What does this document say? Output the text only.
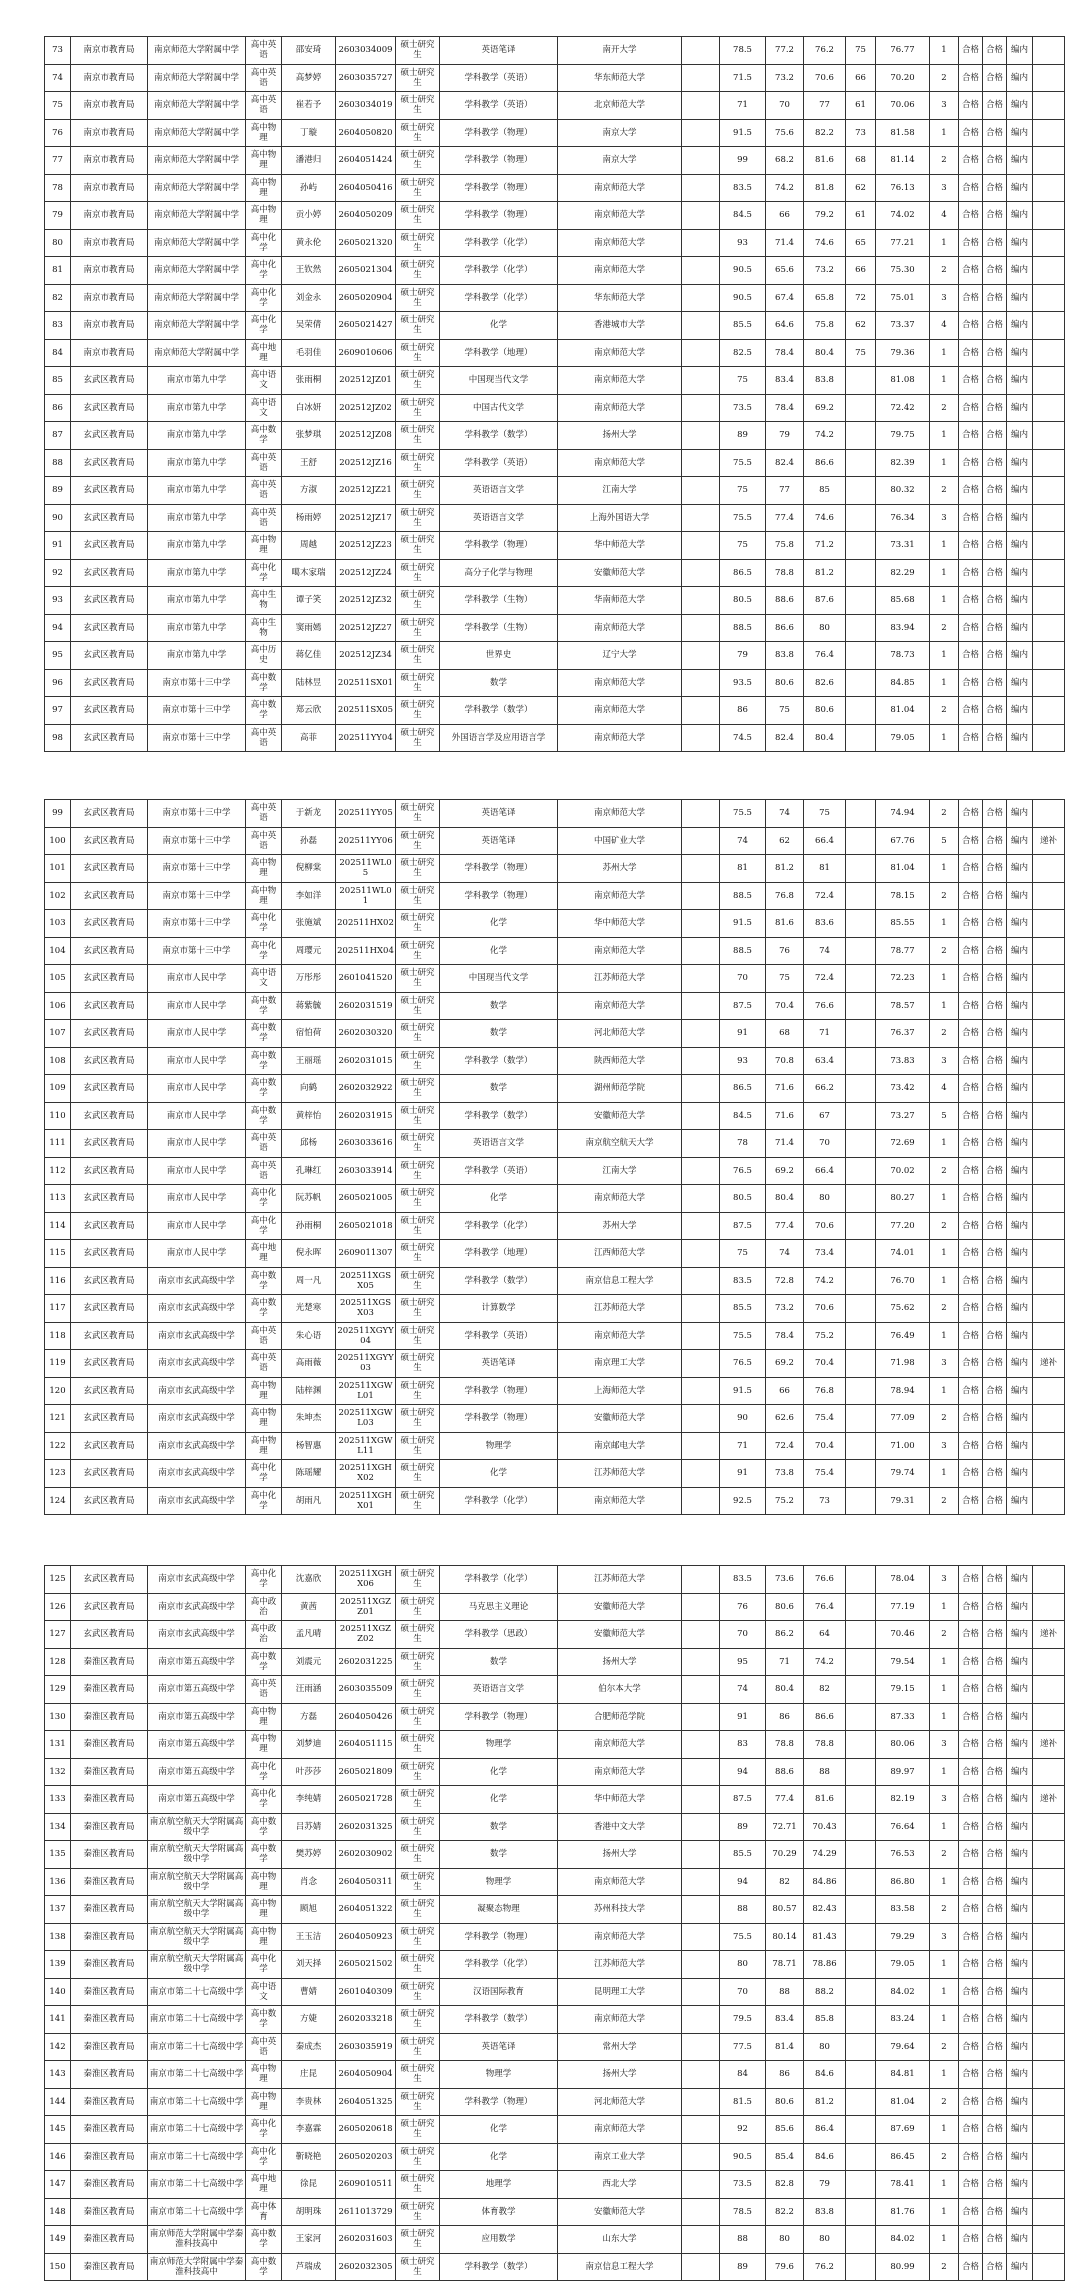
73	南京市教育局	南京师范大学附属中学	高中英语	邵安琦	2603034009	硕士研究生	英语笔译	南开大学		78.5	77.2	76.2	75	76.77	1	合格	合格	编内	
74	南京市教育局	南京师范大学附属中学	高中英语	高梦婷	2603035727	硕士研究生	学科教学（英语）	华东师范大学		71.5	73.2	70.6	66	70.20	2	合格	合格	编内	
75	南京市教育局	南京师范大学附属中学	高中英语	崔若予	2603034019	硕士研究生	学科教学（英语）	北京师范大学		71	70	77	61	70.06	3	合格	合格	编内	
76	南京市教育局	南京师范大学附属中学	高中物理	丁璇	2604050820	硕士研究生	学科教学（物理）	南京大学		91.5	75.6	82.2	73	81.58	1	合格	合格	编内	
77	南京市教育局	南京师范大学附属中学	高中物理	潘港归	2604051424	硕士研究生	学科教学（物理）	南京大学		99	68.2	81.6	68	81.14	2	合格	合格	编内	
78	南京市教育局	南京师范大学附属中学	高中物理	孙屿	2604050416	硕士研究生	学科教学（物理）	南京师范大学		83.5	74.2	81.8	62	76.13	3	合格	合格	编内	
79	南京市教育局	南京师范大学附属中学	高中物理	贡小婷	2604050209	硕士研究生	学科教学（物理）	南京师范大学		84.5	66	79.2	61	74.02	4	合格	合格	编内	
80	南京市教育局	南京师范大学附属中学	高中化学	黄永伦	2605021320	硕士研究生	学科教学（化学）	南京师范大学		93	71.4	74.6	65	77.21	1	合格	合格	编内	
81	南京市教育局	南京师范大学附属中学	高中化学	王钦然	2605021304	硕士研究生	学科教学（化学）	南京师范大学		90.5	65.6	73.2	66	75.30	2	合格	合格	编内	
82	南京市教育局	南京师范大学附属中学	高中化学	刘金永	2605020904	硕士研究生	学科教学（化学）	华东师范大学		90.5	67.4	65.8	72	75.01	3	合格	合格	编内	
83	南京市教育局	南京师范大学附属中学	高中化学	吴荣倩	2605021427	硕士研究生	化学	香港城市大学		85.5	64.6	75.8	62	73.37	4	合格	合格	编内	
84	南京市教育局	南京师范大学附属中学	高中地理	毛羽佳	2609010606	硕士研究生	学科教学（地理）	南京师范大学		82.5	78.4	80.4	75	79.36	1	合格	合格	编内	
85	玄武区教育局	南京市第九中学	高中语文	张雨桐	202512JZ01	硕士研究生	中国现当代文学	南京师范大学		75	83.4	83.8		81.08	1	合格	合格	编内	
86	玄武区教育局	南京市第九中学	高中语文	白冰妍	202512JZ02	硕士研究生	中国古代文学	南京师范大学		73.5	78.4	69.2		72.42	2	合格	合格	编内	
87	玄武区教育局	南京市第九中学	高中数学	张梦琪	202512JZ08	硕士研究生	学科教学（数学）	扬州大学		89	79	74.2		79.75	1	合格	合格	编内	
88	玄武区教育局	南京市第九中学	高中英语	王舒	202512JZ16	硕士研究生	学科教学（英语）	南京师范大学		75.5	82.4	86.6		82.39	1	合格	合格	编内	
89	玄武区教育局	南京市第九中学	高中英语	方淑	202512JZ21	硕士研究生	英语语言文学	江南大学		75	77	85		80.32	2	合格	合格	编内	
90	玄武区教育局	南京市第九中学	高中英语	杨雨婷	202512JZ17	硕士研究生	英语语言文学	上海外国语大学		75.5	77.4	74.6		76.34	3	合格	合格	编内	
91	玄武区教育局	南京市第九中学	高中物理	周越	202512JZ23	硕士研究生	学科教学（物理）	华中师范大学		75	75.8	71.2		73.31	1	合格	合格	编内	
92	玄武区教育局	南京市第九中学	高中化学	噶木家瑞	202512JZ24	硕士研究生	高分子化学与物理	安徽师范大学		86.5	78.8	81.2		82.29	1	合格	合格	编内	
93	玄武区教育局	南京市第九中学	高中生物	谭子笑	202512JZ32	硕士研究生	学科教学（生物）	华南师范大学		80.5	88.6	87.6		85.68	1	合格	合格	编内	
94	玄武区教育局	南京市第九中学	高中生物	窦雨嫣	202512JZ27	硕士研究生	学科教学（生物）	南京师范大学		88.5	86.6	80		83.94	2	合格	合格	编内	
95	玄武区教育局	南京市第九中学	高中历史	蒋亿佳	202512JZ34	硕士研究生	世界史	辽宁大学		79	83.8	76.4		78.73	1	合格	合格	编内	
96	玄武区教育局	南京市第十三中学	高中数学	陆林昱	202511SX01	硕士研究生	数学	南京师范大学		93.5	80.6	82.6		84.85	1	合格	合格	编内	
97	玄武区教育局	南京市第十三中学	高中数学	郑云欣	202511SX05	硕士研究生	学科教学（数学）	南京师范大学		86	75	80.6		81.04	2	合格	合格	编内	
98	玄武区教育局	南京市第十三中学	高中英语	高菲	202511YY04	硕士研究生	外国语言学及应用语言学	南京师范大学		74.5	82.4	80.4		79.05	1	合格	合格	编内	
99	玄武区教育局	南京市第十三中学	高中英语	于新龙	202511YY05	硕士研究生	英语笔译	南京师范大学		75.5	74	75		74.94	2	合格	合格	编内	
100	玄武区教育局	南京市第十三中学	高中英语	孙磊	202511YY06	硕士研究生	英语笔译	中国矿业大学		74	62	66.4		67.76	5	合格	合格	编内	递补
101	玄武区教育局	南京市第十三中学	高中物理	倪柳棠	202511WL05	硕士研究生	学科教学（物理）	苏州大学		81	81.2	81		81.04	1	合格	合格	编内	
102	玄武区教育局	南京市第十三中学	高中物理	李如洋	202511WL01	硕士研究生	学科教学（物理）	南京师范大学		88.5	76.8	72.4		78.15	2	合格	合格	编内	
103	玄武区教育局	南京市第十三中学	高中化学	张施斌	202511HX02	硕士研究生	化学	华中师范大学		91.5	81.6	83.6		85.55	1	合格	合格	编内	
104	玄武区教育局	南京市第十三中学	高中化学	周璎元	202511HX04	硕士研究生	化学	南京师范大学		88.5	76	74		78.77	2	合格	合格	编内	
105	玄武区教育局	南京市人民中学	高中语文	万彤彤	2601041520	硕士研究生	中国现当代文学	江苏师范大学		70	75	72.4		72.23	1	合格	合格	编内	
106	玄武区教育局	南京市人民中学	高中数学	蒋紫毓	2602031519	硕士研究生	数学	南京师范大学		87.5	70.4	76.6		78.57	1	合格	合格	编内	
107	玄武区教育局	南京市人民中学	高中数学	宿怕荷	2602030320	硕士研究生	数学	河北师范大学		91	68	71		76.37	2	合格	合格	编内	
108	玄武区教育局	南京市人民中学	高中数学	王丽瑶	2602031015	硕士研究生	学科教学（数学）	陕西师范大学		93	70.8	63.4		73.83	3	合格	合格	编内	
109	玄武区教育局	南京市人民中学	高中数学	向鹤	2602032922	硕士研究生	数学	湖州师范学院		86.5	71.6	66.2		73.42	4	合格	合格	编内	
110	玄武区教育局	南京市人民中学	高中数学	黄梓怡	2602031915	硕士研究生	学科教学（数学）	安徽师范大学		84.5	71.6	67		73.27	5	合格	合格	编内	
111	玄武区教育局	南京市人民中学	高中英语	邱杨	2603033616	硕士研究生	英语语言文学	南京航空航天大学		78	71.4	70		72.69	1	合格	合格	编内	
112	玄武区教育局	南京市人民中学	高中英语	孔琳红	2603033914	硕士研究生	学科教学（英语）	江南大学		76.5	69.2	66.4		70.02	2	合格	合格	编内	
113	玄武区教育局	南京市人民中学	高中化学	阮苏帆	2605021005	硕士研究生	化学	南京师范大学		80.5	80.4	80		80.27	1	合格	合格	编内	
114	玄武区教育局	南京市人民中学	高中化学	孙雨桐	2605021018	硕士研究生	学科教学（化学）	苏州大学		87.5	77.4	70.6		77.20	2	合格	合格	编内	
115	玄武区教育局	南京市人民中学	高中地理	倪永晖	2609011307	硕士研究生	学科教学（地理）	江西师范大学		75	74	73.4		74.01	1	合格	合格	编内	
116	玄武区教育局	南京市玄武高级中学	高中数学	周一凡	202511XGSX05	硕士研究生	学科教学（数学）	南京信息工程大学		83.5	72.8	74.2		76.70	1	合格	合格	编内	
117	玄武区教育局	南京市玄武高级中学	高中数学	光楚寒	202511XGSX03	硕士研究生	计算数学	江苏师范大学		85.5	73.2	70.6		75.62	2	合格	合格	编内	
118	玄武区教育局	南京市玄武高级中学	高中英语	朱心语	202511XGYY04	硕士研究生	学科教学（英语）	南京师范大学		75.5	78.4	75.2		76.49	1	合格	合格	编内	
119	玄武区教育局	南京市玄武高级中学	高中英语	高雨薇	202511XGYY03	硕士研究生	英语笔译	南京理工大学		76.5	69.2	70.4		71.98	3	合格	合格	编内	递补
120	玄武区教育局	南京市玄武高级中学	高中物理	陆梓渊	202511XGWL01	硕士研究生	学科教学（物理）	上海师范大学		91.5	66	76.8		78.94	1	合格	合格	编内	
121	玄武区教育局	南京市玄武高级中学	高中物理	朱坤杰	202511XGWL03	硕士研究生	学科教学（物理）	安徽师范大学		90	62.6	75.4		77.09	2	合格	合格	编内	
122	玄武区教育局	南京市玄武高级中学	高中物理	杨智惠	202511XGWL11	硕士研究生	物理学	南京邮电大学		71	72.4	70.4		71.00	3	合格	合格	编内	
123	玄武区教育局	南京市玄武高级中学	高中化学	陈瑶耀	202511XGHX02	硕士研究生	化学	江苏师范大学		91	73.8	75.4		79.74	1	合格	合格	编内	
124	玄武区教育局	南京市玄武高级中学	高中化学	胡雨凡	202511XGHX01	硕士研究生	学科教学（化学）	南京师范大学		92.5	75.2	73		79.31	2	合格	合格	编内	
125	玄武区教育局	南京市玄武高级中学	高中化学	沈嘉欣	202511XGHX06	硕士研究生	学科教学（化学）	江苏师范大学		83.5	73.6	76.6		78.04	3	合格	合格	编内	
126	玄武区教育局	南京市玄武高级中学	高中政治	黄茜	202511XGZZ01	硕士研究生	马克思主义理论	安徽师范大学		76	80.6	76.4		77.19	1	合格	合格	编内	
127	玄武区教育局	南京市玄武高级中学	高中政治	孟凡晴	202511XGZZ02	硕士研究生	学科教学（思政）	安徽师范大学		70	86.2	64		70.46	2	合格	合格	编内	递补
128	秦淮区教育局	南京市第五高级中学	高中数学	刘震元	2602031225	硕士研究生	数学	扬州大学		95	71	74.2		79.54	1	合格	合格	编内	
129	秦淮区教育局	南京市第五高级中学	高中英语	汪雨涵	2603035509	硕士研究生	英语语言文学	伯尔本大学		74	80.4	82		79.15	1	合格	合格	编内	
130	秦淮区教育局	南京市第五高级中学	高中物理	方磊	2604050426	硕士研究生	学科教学（物理）	合肥师范学院		91	86	86.6		87.33	1	合格	合格	编内	
131	秦淮区教育局	南京市第五高级中学	高中物理	刘梦迪	2604051115	硕士研究生	物理学	南京师范大学		83	78.8	78.8		80.06	3	合格	合格	编内	递补
132	秦淮区教育局	南京市第五高级中学	高中化学	叶莎莎	2605021809	硕士研究生	化学	南京师范大学		94	88.6	88		89.97	1	合格	合格	编内	
133	秦淮区教育局	南京市第五高级中学	高中化学	李纯婧	2605021728	硕士研究生	化学	华中师范大学		87.5	77.4	81.6		82.19	3	合格	合格	编内	递补
134	秦淮区教育局	南京航空航天大学附属高级中学	高中数学	吕苏婧	2602031325	硕士研究生	数学	香港中文大学		89	72.71	70.43		76.64	1	合格	合格	编内	
135	秦淮区教育局	南京航空航天大学附属高级中学	高中数学	樊苏婷	2602030902	硕士研究生	数学	扬州大学		85.5	70.29	74.29		76.53	2	合格	合格	编内	
136	秦淮区教育局	南京航空航天大学附属高级中学	高中物理	肖念	2604050311	硕士研究生	物理学	南京师范大学		94	82	84.86		86.80	1	合格	合格	编内	
137	秦淮区教育局	南京航空航天大学附属高级中学	高中物理	顾旭	2604051322	硕士研究生	凝聚态物理	苏州科技大学		88	80.57	82.43		83.58	2	合格	合格	编内	
138	秦淮区教育局	南京航空航天大学附属高级中学	高中物理	王玉洁	2604050923	硕士研究生	学科教学（物理）	南京师范大学		75.5	80.14	81.43		79.29	3	合格	合格	编内	
139	秦淮区教育局	南京航空航天大学附属高级中学	高中化学	刘天择	2605021502	硕士研究生	学科教学（化学）	江苏师范大学		80	78.71	78.86		79.05	1	合格	合格	编内	
140	秦淮区教育局	南京市第二十七高级中学	高中语文	曹婧	2601040309	硕士研究生	汉语国际教育	昆明理工大学		70	88	88.2		84.02	1	合格	合格	编内	
141	秦淮区教育局	南京市第二十七高级中学	高中数学	方婕	2602033218	硕士研究生	学科教学（数学）	南京师范大学		79.5	83.4	85.8		83.24	1	合格	合格	编内	
142	秦淮区教育局	南京市第二十七高级中学	高中英语	秦成杰	2603035919	硕士研究生	英语笔译	常州大学		77.5	81.4	80		79.64	2	合格	合格	编内	
143	秦淮区教育局	南京市第二十七高级中学	高中物理	庄昆	2604050904	硕士研究生	物理学	扬州大学		84	86	84.6		84.81	1	合格	合格	编内	
144	秦淮区教育局	南京市第二十七高级中学	高中物理	李贵林	2604051325	硕士研究生	学科教学（物理）	河北师范大学		81.5	80.6	81.2		81.04	2	合格	合格	编内	
145	秦淮区教育局	南京市第二十七高级中学	高中化学	李嘉霖	2605020618	硕士研究生	化学	南京师范大学		92	85.6	86.4		87.69	1	合格	合格	编内	
146	秦淮区教育局	南京市第二十七高级中学	高中化学	靳晓艳	2605020203	硕士研究生	化学	南京工业大学		90.5	85.4	84.6		86.45	2	合格	合格	编内	
147	秦淮区教育局	南京市第二十七高级中学	高中地理	徐昆	2609010511	硕士研究生	地理学	西北大学		73.5	82.8	79		78.41	1	合格	合格	编内	
148	秦淮区教育局	南京市第二十七高级中学	高中体育	胡明珠	2611013729	硕士研究生	体育教学	安徽师范大学		78.5	82.2	83.8		81.76	1	合格	合格	编内	
149	秦淮区教育局	南京师范大学附属中学秦淮科技高中	高中数学	王家河	2602031603	硕士研究生	应用数学	山东大学		88	80	80		84.02	1	合格	合格	编内	
150	秦淮区教育局	南京师范大学附属中学秦淮科技高中	高中数学	芦瑞成	2602032305	硕士研究生	学科教学（数学）	南京信息工程大学		89	79.6	76.2		80.99	2	合格	合格	编内	
